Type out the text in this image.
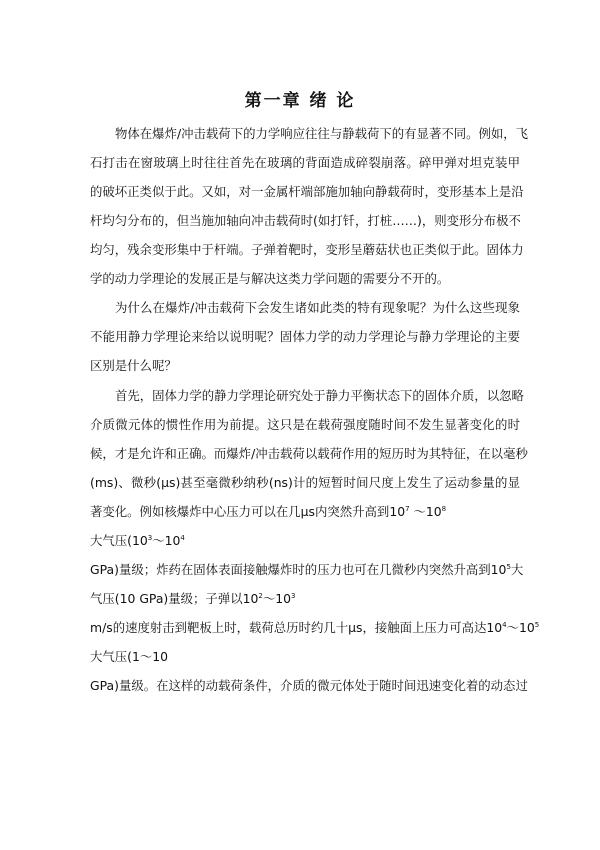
第一章 绪 论
物体在爆炸/冲击载荷下的力学响应往往与静载荷下的有显著不同。例如，飞
石打击在窗玻璃上时往往首先在玻璃的背面造成碎裂崩落。碎甲弹对坦克装甲
的破坏正类似于此。又如，对一金属杆端部施加轴向静载荷时，变形基本上是沿
杆均匀分布的，但当施加轴向冲击载荷时(如打钎，打桩……)，则变形分布极不
均匀，残余变形集中于杆端。子弹着靶时，变形呈蘑菇状也正类似于此。固体力
学的动力学理论的发展正是与解决这类力学问题的需要分不开的。
为什么在爆炸/冲击载荷下会发生诸如此类的特有现象呢？为什么这些现象
不能用静力学理论来给以说明呢？固体力学的动力学理论与静力学理论的主要
区别是什么呢？
首先，固体力学的静力学理论研究处于静力平衡状态下的固体介质，以忽略
介质微元体的惯性作用为前提。这只是在载荷强度随时间不发生显著变化的时
候，才是允许和正确。而爆炸/冲击载荷以载荷作用的短历时为其特征，在以毫秒
(ms)、微秒(μs)甚至毫微秒纳秒(ns)计的短暂时间尺度上发生了运动参量的显
著变化。例如核爆炸中心压力可以在几μs内突然升高到$10^7$ $\sim 10^8$
大气压($10^3\sim 10^4$
GPa)量级；炸药在固体表面接触爆炸时的压力也可在几微秒内突然升高到$10^5$大
气压(10 GPa)量级；子弹以$10^2\sim 10^3$
m/s的速度射击到靶板上时，载荷总历时约几十μs，接触面上压力可高达$10^4\sim 10^5$
大气压(1～10
GPa)量级。在这样的动载荷条件，介质的微元体处于随时间迅速变化着的动态过
